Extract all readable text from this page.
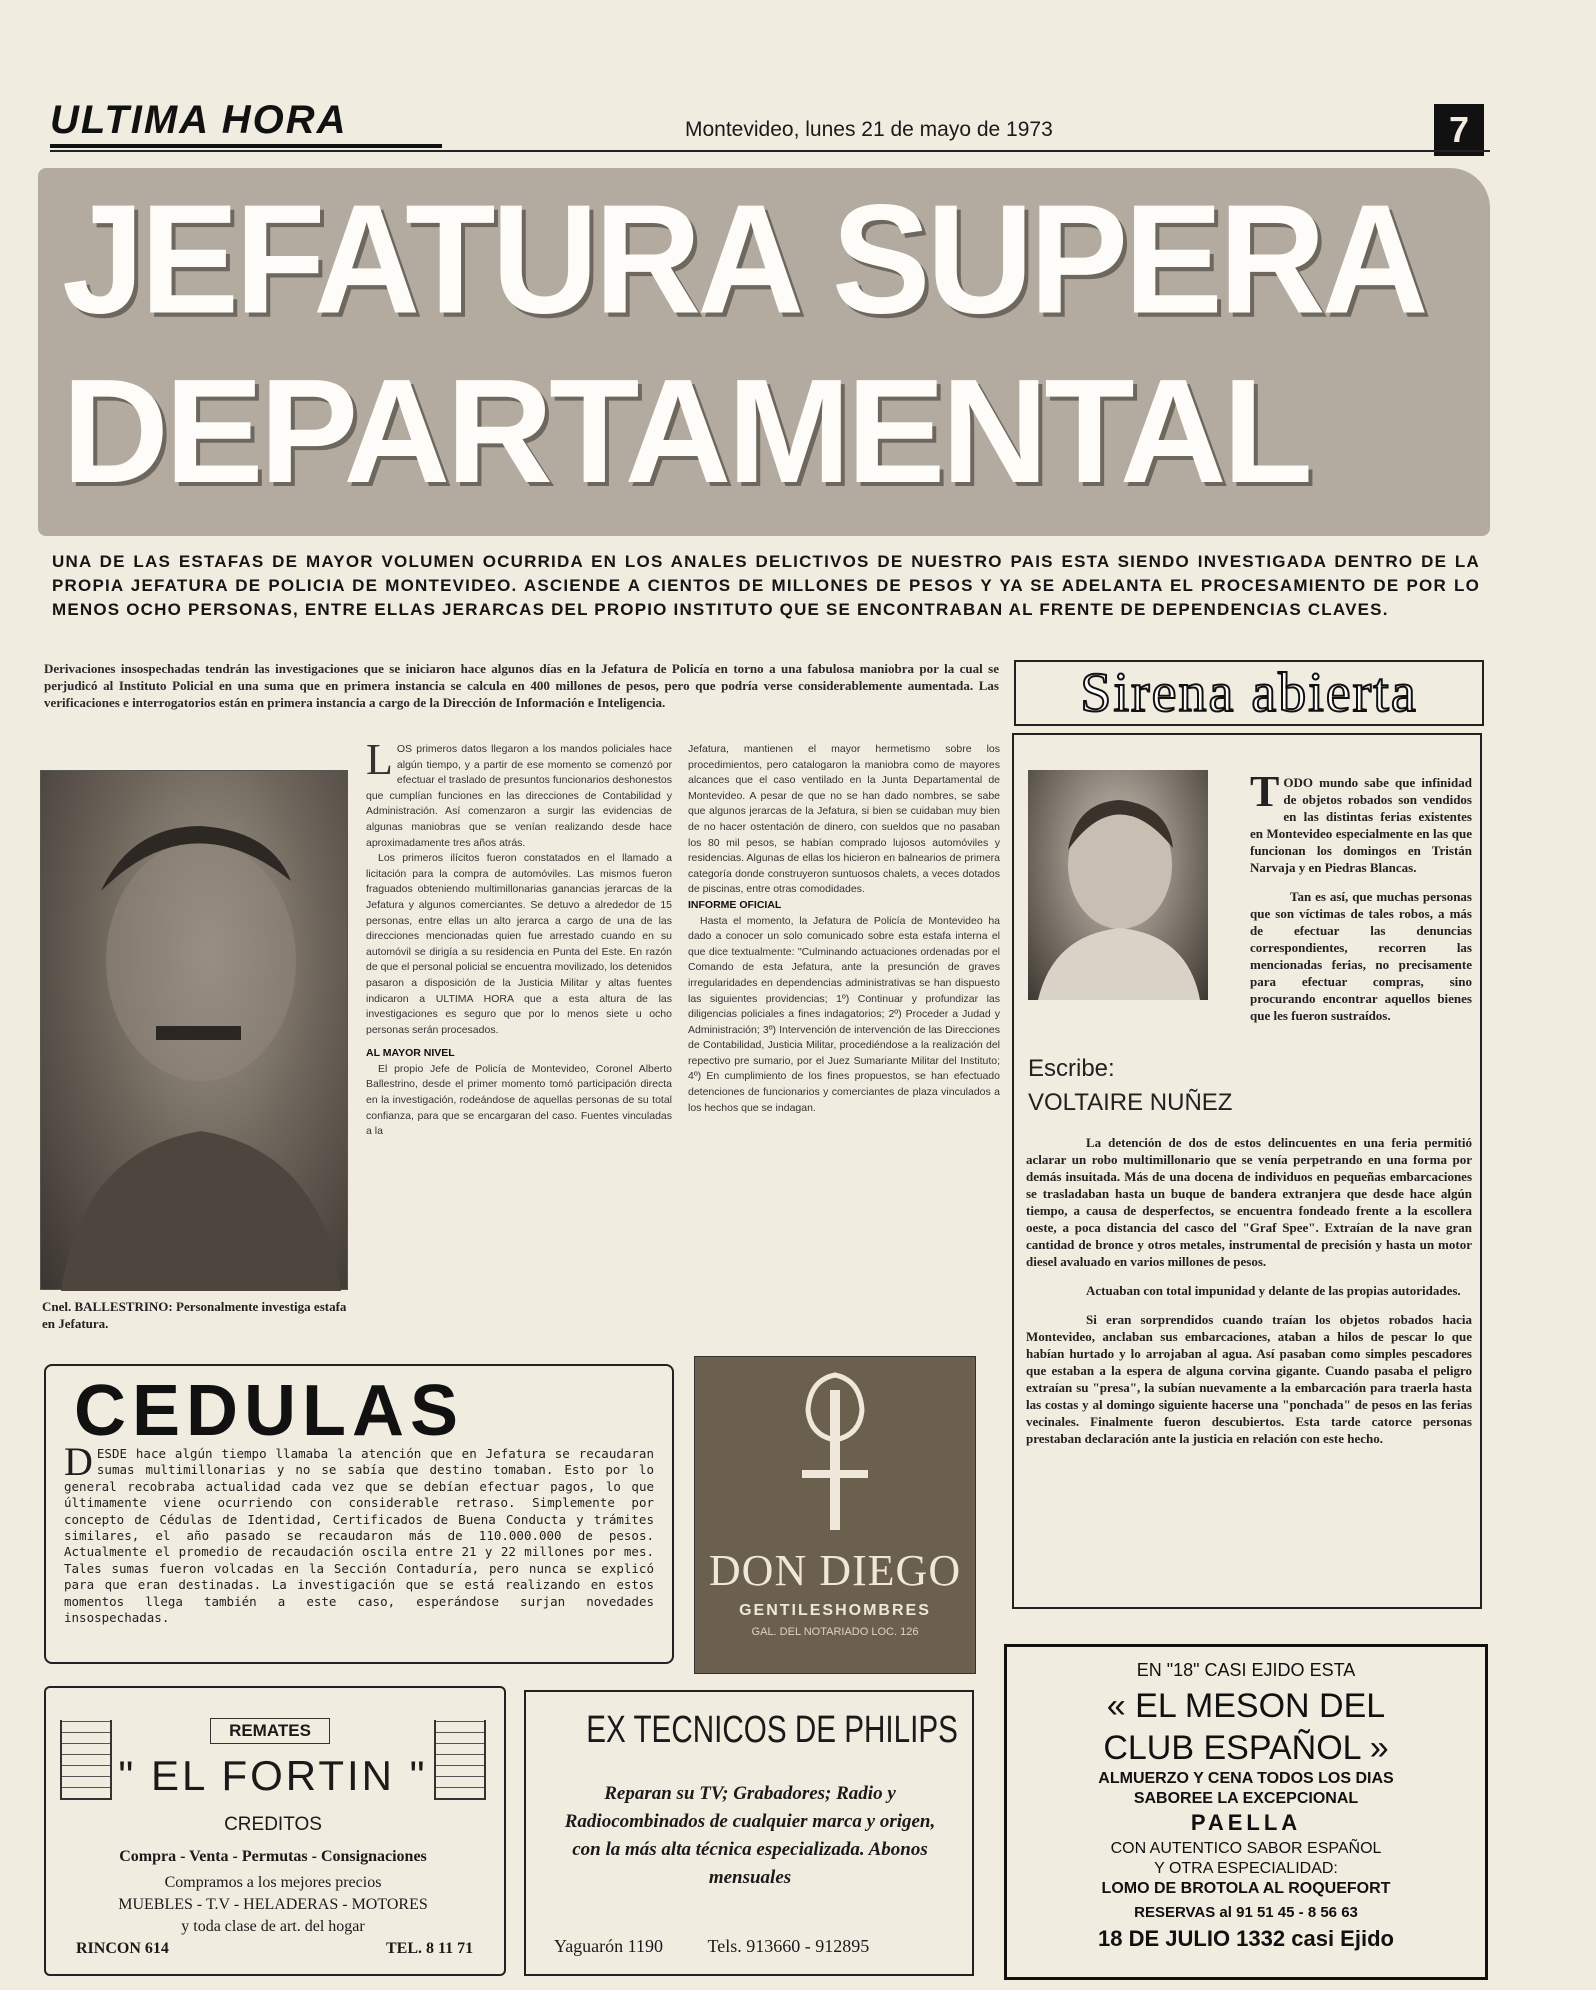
ULTIMA HORA	Montevideo, lunes 21 de mayo de 1973	7
JEFATURA SUPERA
DEPARTAMENTAL
UNA DE LAS ESTAFAS DE MAYOR VOLUMEN OCURRIDA EN LOS ANALES DELICTIVOS DE NUESTRO PAIS ESTA SIENDO INVESTIGADA DENTRO DE LA PROPIA JEFATURA DE POLICIA DE MONTEVIDEO. ASCIENDE A CIENTOS DE MILLONES DE PESOS Y YA SE ADELANTA EL PROCESAMIENTO DE POR LO MENOS OCHO PERSONAS, ENTRE ELLAS JERARCAS DEL PROPIO INSTITUTO QUE SE ENCONTRABAN AL FRENTE DE DEPENDENCIAS CLAVES.
Derivaciones insospechadas tendrán las investigaciones que se iniciaron hace algunos días en la Jefatura de Policía en torno a una fabulosa maniobra por la cual se perjudicó al Instituto Policial en una suma que en primera instancia se calcula en 400 millones de pesos, pero que podría verse considerablemente aumentada. Las verificaciones e interrogatorios están en primera instancia a cargo de la Dirección de Información e Inteligencia.
Cnel. BALLESTRINO: Personalmente investiga estafa en Jefatura.
L OS primeros datos llegaron a los mandos policiales hace algún tiempo, y a partir de ese momento se comenzó por efectuar el traslado de presuntos funcionarios deshonestos que cumplían funciones en las direcciones de Contabilidad y Administración. Así comenzaron a surgir las evidencias de algunas maniobras que se venían realizando desde hace aproximadamente tres años atrás.

Los primeros ilícitos fueron constatados en el llamado a licitación para la compra de automóviles. Las mismos fueron fraguados obteniendo multimillonarias ganancias jerarcas de la Jefatura y algunos comerciantes. Se detuvo a alrededor de 15 personas, entre ellas un alto jerarca a cargo de una de las direcciones mencionadas quien fue arrestado cuando en su automóvil se dirigía a su residencia en Punta del Este. En razón de que el personal policial se encuentra movilizado, los detenidos pasaron a disposición de la Justicia Militar y altas fuentes indicaron a ULTIMA HORA que a esta altura de las investigaciones es seguro que por lo menos siete u ocho personas serán procesados.

AL MAYOR NIVEL

El propio Jefe de Policía de Montevideo, Coronel Alberto Ballestrino, desde el primer momento tomó participación directa en la investigación, rodeándose de aquellas personas de su total confianza, para que se encargaran del caso. Fuentes vinculadas a la

Jefatura, mantienen el mayor hermetismo sobre los procedimientos, pero catalogaron la maniobra como de mayores alcances que el caso ventilado en la Junta Departamental de Montevideo. A pesar de que no se han dado nombres, se sabe que algunos jerarcas de la Jefatura, si bien se cuidaban muy bien de no hacer ostentación de dinero, con sueldos que no pasaban los 80 mil pesos, se habían comprado lujosos automóviles y residencias. Algunas de ellas los hicieron en balnearios de primera categoría donde construyeron suntuosos chalets, a veces dotados de piscinas, entre otras comodidades.

INFORME OFICIAL

Hasta el momento, la Jefatura de Policía de Montevideo ha dado a conocer un solo comunicado sobre esta estafa interna el que dice textualmente: "Culminando actuaciones ordenadas por el Comando de esta Jefatura, ante la presunción de graves irregularidades en dependencias administrativas se han dispuesto las siguientes providencias; 1º) Continuar y profundizar las diligencias policiales a fines indagatorios; 2º) Proceder a Judad y Administración; 3º) Intervención de intervención de las Direcciones de Contabilidad, Justicia Militar, procediéndose a la realización del repectivo pre sumario, por el Juez Sumariante Militar del Instituto; 4º) En cumplimiento de los fines propuestos, se han efectuado detenciones de funcionarios y comerciantes de plaza vinculados a los hechos que se indagan.

Sirena abierta
Escribe:
VOLTAIRE NUÑEZ
T ODO mundo sabe que infinidad de objetos robados son vendidos en las distintas ferias existentes en Montevideo especialmente en las que funcionan los domingos en Tristán Narvaja y en Piedras Blancas.

Tan es así, que muchas personas que son víctimas de tales robos, a más de efectuar las denuncias correspondientes, recorren las mencionadas ferias, no precisamente para efectuar compras, sino procurando encontrar aquellos bienes que les fueron sustraídos.

La detención de dos de estos delincuentes en una feria permitió aclarar un robo multimillonario que se venía perpetrando en una forma por demás insuitada. Más de una docena de individuos en pequeñas embarcaciones se trasladaban hasta un buque de bandera extranjera que desde hace algún tiempo, a causa de desperfectos, se encuentra fondeado frente a la escollera oeste, a poca distancia del casco del "Graf Spee". Extraían de la nave gran cantidad de bronce y otros metales, instrumental de precisión y hasta un motor diesel avaluado en varios millones de pesos.

Actuaban con total impunidad y delante de las propias autoridades.

Si eran sorprendidos cuando traían los objetos robados hacia Montevideo, anclaban sus embarcaciones, ataban a hilos de pescar lo que habían hurtado y lo arrojaban al agua. Así pasaban como simples pescadores que estaban a la espera de alguna corvina gigante. Cuando pasaba el peligro extraían su "presa", la subían nuevamente a la embarcación para traerla hasta las costas y al domingo siguiente hacerse una "ponchada" de pesos en las ferias vecinales. Finalmente fueron descubiertos. Esta tarde catorce personas prestaban declaración ante la justicia en relación con este hecho.

CEDULAS
D ESDE hace algún tiempo llamaba la atención que en Jefatura se recaudaran sumas multimillonarias y no se sabía que destino tomaban. Esto por lo general recobraba actualidad cada vez que se debían efectuar pagos, lo que últimamente viene ocurriendo con considerable retraso. Simplemente por concepto de Cédulas de Identidad, Certificados de Buena Conducta y trámites similares, el año pasado se recaudaron más de 110.000.000 de pesos. Actualmente el promedio de recaudación oscila entre 21 y 22 millones por mes. Tales sumas fueron volcadas en la Sección Contaduría, pero nunca se explicó para que eran destinadas. La investigación que se está realizando en estos momentos llega también a este caso, esperándose surjan novedades insospechadas.
DON DIEGO
GENTILESHOMBRES
GAL. DEL NOTARIADO LOC. 126
REMATES
" EL FORTIN "
CREDITOS
Compra - Venta - Permutas - Consignaciones
Compramos a los mejores precios
MUEBLES - T.V - HELADERAS - MOTORES
y toda clase de art. del hogar
RINCON 614	TEL. 8 11 71
EX TECNICOS DE PHILIPS
Reparan su TV; Grabadores; Radio y Radiocombinados de cualquier marca y origen, con la más alta técnica especializada. Abonos mensuales
Yaguarón 1190 Tels. 913660 - 912895
EN "18" CASI EJIDO ESTA
« EL MESON DEL
CLUB ESPAÑOL »
ALMUERZO Y CENA TODOS LOS DIAS
SABOREE LA EXCEPCIONAL
PAELLA
CON AUTENTICO SABOR ESPAÑOL
Y OTRA ESPECIALIDAD:
LOMO DE BROTOLA AL ROQUEFORT
RESERVAS al 91 51 45 - 8 56 63
18 DE JULIO 1332 casi Ejido
